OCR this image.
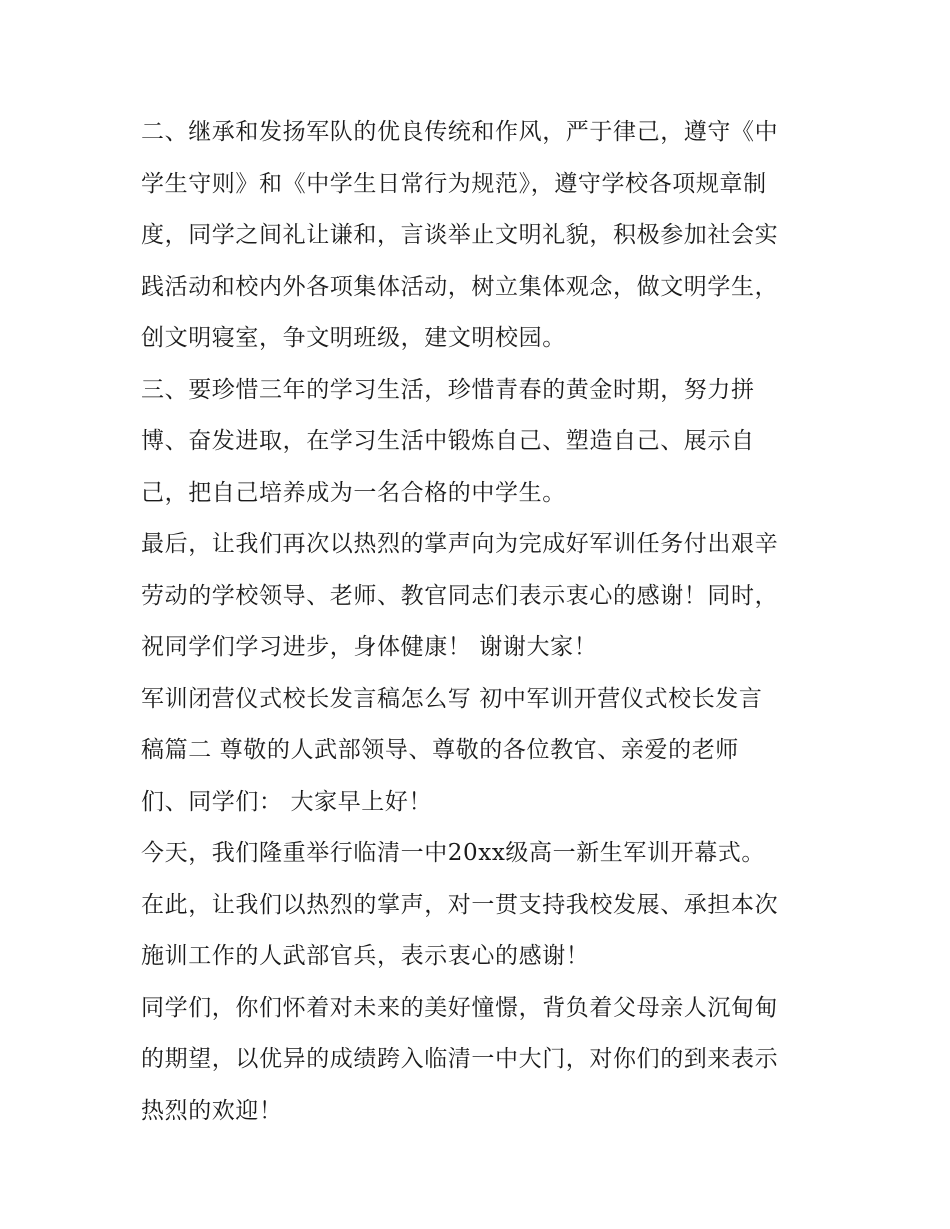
二、继承和发扬军队的优良传统和作风，严于律己，遵守《中
学生守则》和《中学生日常行为规范》，遵守学校各项规章制
度，同学之间礼让谦和，言谈举止文明礼貌，积极参加社会实
践活动和校内外各项集体活动，树立集体观念，做文明学生，
创文明寝室，争文明班级，建文明校园。

三、要珍惜三年的学习生活，珍惜青春的黄金时期，努力拼
博、奋发进取，在学习生活中锻炼自己、塑造自己、展示自
己，把自己培养成为一名合格的中学生。

最后，让我们再次以热烈的掌声向为完成好军训任务付出艰辛
劳动的学校领导、老师、教官同志们表示衷心的感谢！同时，
祝同学们学习进步，身体健康！ 谢谢大家！

军训闭营仪式校长发言稿怎么写 初中军训开营仪式校长发言
稿篇二 尊敬的人武部领导、尊敬的各位教官、亲爱的老师
们、同学们： 大家早上好！

今天，我们隆重举行临清一中20xx级高一新生军训开幕式。

在此，让我们以热烈的掌声，对一贯支持我校发展、承担本次
施训工作的人武部官兵，表示衷心的感谢！

同学们，你们怀着对未来的美好憧憬，背负着父母亲人沉甸甸
的期望，以优异的成绩跨入临清一中大门，对你们的到来表示
热烈的欢迎！
